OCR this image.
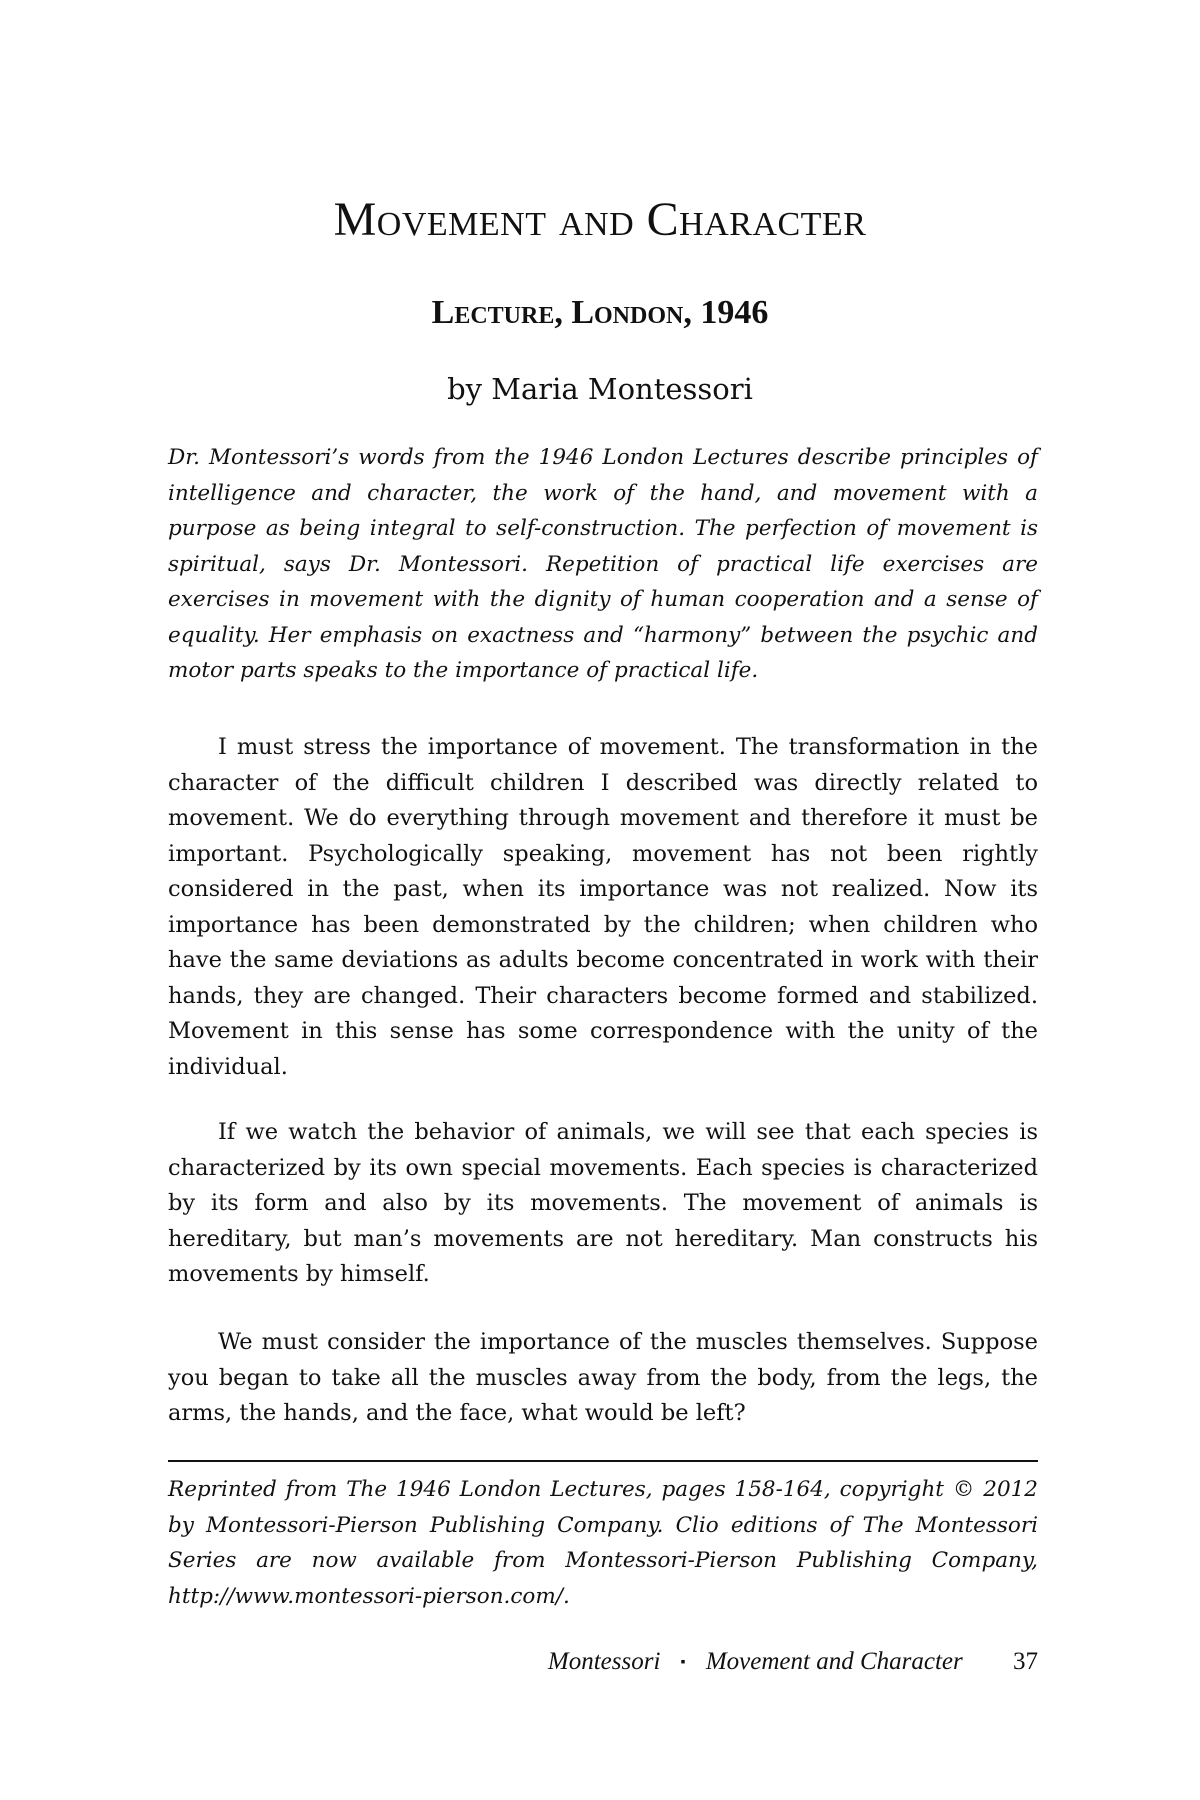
Movement and Character
Lecture, London, 1946
by Maria Montessori

Dr. Montessori’s words from the 1946 London Lectures describe principles of intelligence and character, the work of the hand, and movement with a purpose as being integral to self-construction. The perfection of movement is spiritual, says Dr. Montessori. Repetition of practical life exercises are exercises in movement with the dignity of human cooperation and a sense of equality. Her emphasis on exactness and “harmony” between the psychic and motor parts speaks to the importance of practical life.

I must stress the importance of movement. The transformation in the character of the difficult children I described was directly related to movement. We do everything through movement and therefore it must be important. Psychologically speaking, movement has not been rightly considered in the past, when its importance was not realized. Now its importance has been demonstrated by the children; when children who have the same deviations as adults become concentrated in work with their hands, they are changed. Their characters become formed and stabilized. Movement in this sense has some correspondence with the unity of the individual.

If we watch the behavior of animals, we will see that each species is characterized by its own special movements. Each species is characterized by its form and also by its movements. The movement of animals is hereditary, but man’s movements are not hereditary. Man constructs his movements by himself.

We must consider the importance of the muscles themselves. Suppose you began to take all the muscles away from the body, from the legs, the arms, the hands, and the face, what would be left?

Reprinted from The 1946 London Lectures, pages 158-164, copyright © 2012 by Montessori-Pierson Publishing Company. Clio editions of The Montessori Series are now available from Montessori-Pierson Publishing Company, http://www.montessori-pierson.com/.

Montessori ▪ Movement and Character 37
